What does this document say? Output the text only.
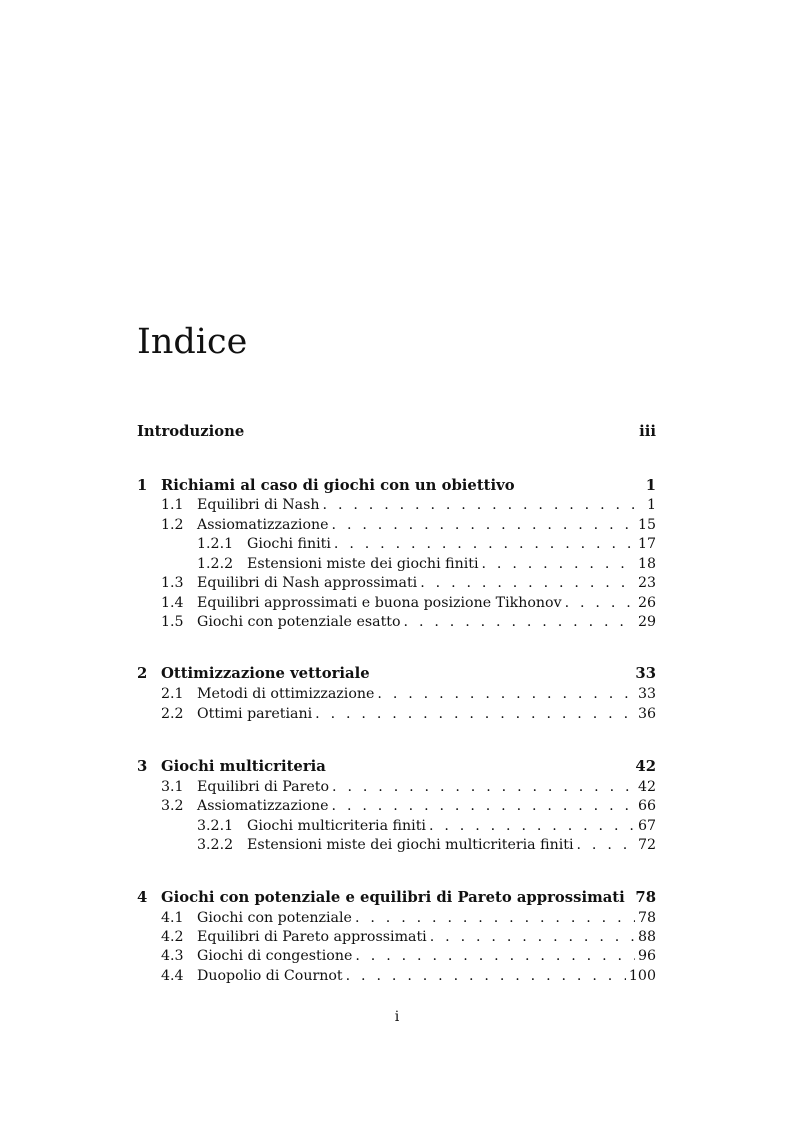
Indice
Introduzione	iii
1 Richiami al caso di giochi con un obiettivo	1
1.1 Equilibri di Nash . . .	1
1.2 Assiomatizzazione . . .	15
1.2.1 Giochi finiti . . .	17
1.2.2 Estensioni miste dei giochi finiti . . .	18
1.3 Equilibri di Nash approssimati . . .	23
1.4 Equilibri approssimati e buona posizione Tikhonov . . .	26
1.5 Giochi con potenziale esatto . . .	29
2 Ottimizzazione vettoriale	33
2.1 Metodi di ottimizzazione . . .	33
2.2 Ottimi paretiani . . .	36
3 Giochi multicriteria	42
3.1 Equilibri di Pareto . . .	42
3.2 Assiomatizzazione . . .	66
3.2.1 Giochi multicriteria finiti . . .	67
3.2.2 Estensioni miste dei giochi multicriteria finiti . . .	72
4 Giochi con potenziale e equilibri di Pareto approssimati 78
4.1 Giochi con potenziale . . .	78
4.2 Equilibri di Pareto approssimati . . .	88
4.3 Giochi di congestione . . .	96
4.4 Duopolio di Cournot . . .	100
i
